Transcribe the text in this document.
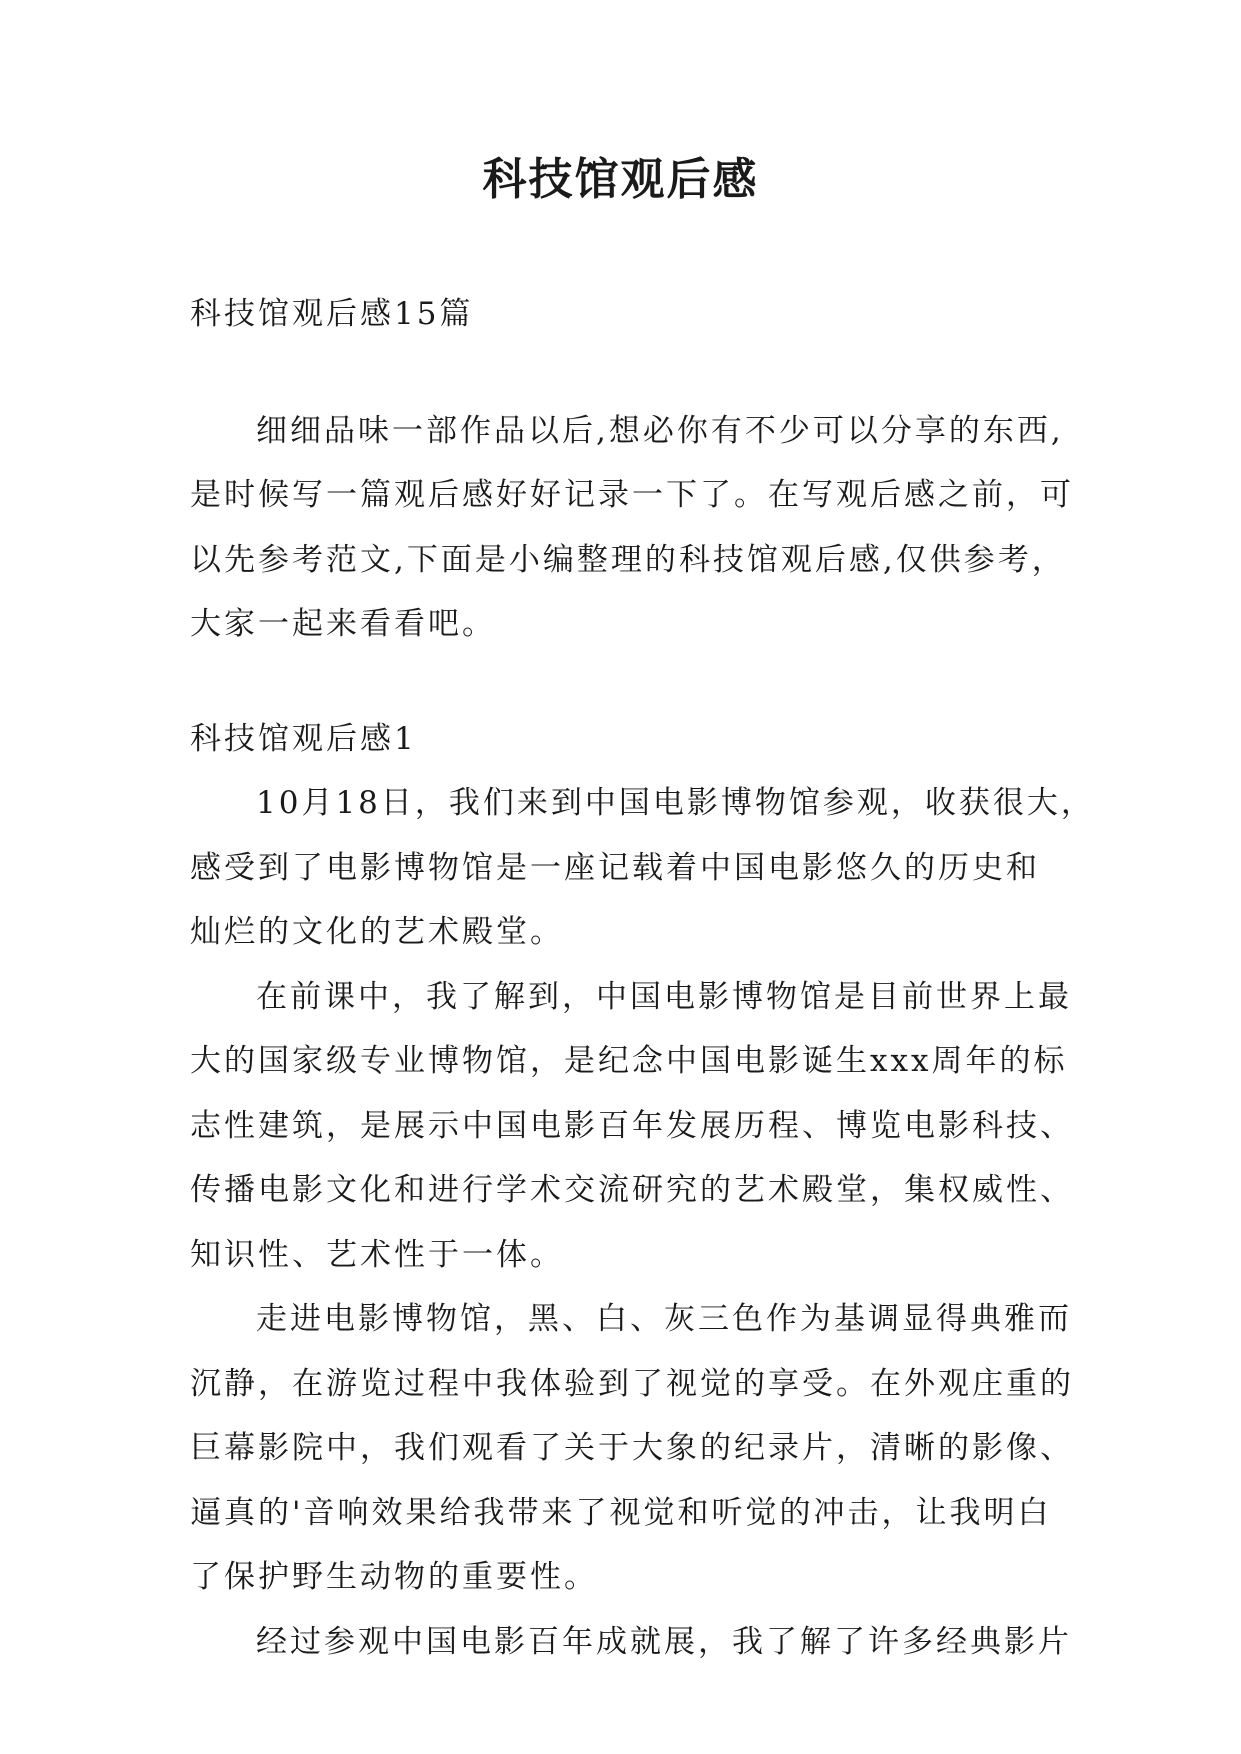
科技馆观后感
科技馆观后感15篇
细细品味一部作品以后,想必你有不少可以分享的东西,
是时候写一篇观后感好好记录一下了。在写观后感之前，可
以先参考范文,下面是小编整理的科技馆观后感,仅供参考，
大家一起来看看吧。
科技馆观后感1
10月18日，我们来到中国电影博物馆参观，收获很大，
感受到了电影博物馆是一座记载着中国电影悠久的历史和
灿烂的文化的艺术殿堂。
在前课中，我了解到，中国电影博物馆是目前世界上最
大的国家级专业博物馆，是纪念中国电影诞生xxx周年的标
志性建筑，是展示中国电影百年发展历程、博览电影科技、
传播电影文化和进行学术交流研究的艺术殿堂，集权威性、
知识性、艺术性于一体。
走进电影博物馆，黑、白、灰三色作为基调显得典雅而
沉静，在游览过程中我体验到了视觉的享受。在外观庄重的
巨幕影院中，我们观看了关于大象的纪录片，清晰的影像、
逼真的'音响效果给我带来了视觉和听觉的冲击，让我明白
了保护野生动物的重要性。
经过参观中国电影百年成就展，我了解了许多经典影片
